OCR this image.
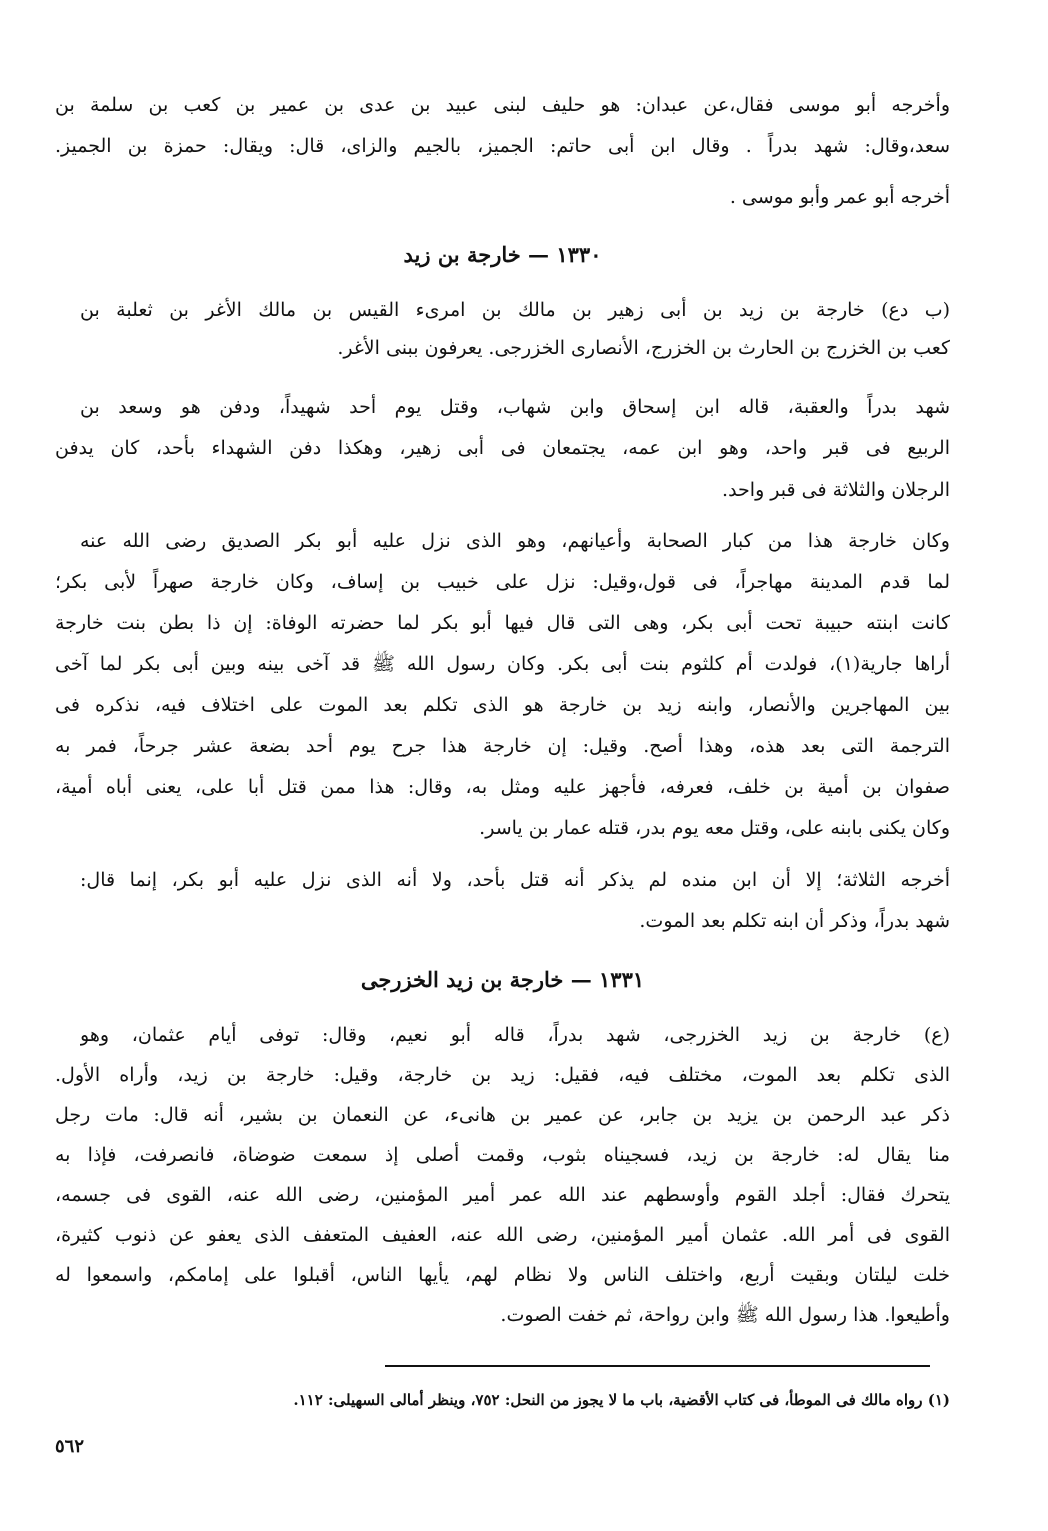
وأخرجه أبو موسى فقال،عن عبدان: هو حليف لبنى عبيد بن عدى بن عمير بن كعب بن سلمة بن
سعد،وقال: شهد بدراً . وقال ابن أبى حاتم: الجميز، بالجيم والزاى، قال: ويقال: حمزة بن الجميز.
أخرجه أبو عمر وأبو موسى .
١٣٣٠ — خارجة بن زيد
(ب دع) خارجة بن زيد بن أبى زهير بن مالك بن امرىء القيس بن مالك الأغر بن ثعلبة بن
كعب بن الخزرج بن الحارث بن الخزرج، الأنصارى الخزرجى. يعرفون ببنى الأغر.
شهد بدراً والعقبة، قاله ابن إسحاق وابن شهاب، وقتل يوم أحد شهيداً، ودفن هو وسعد بن
الربيع فى قبر واحد، وهو ابن عمه، يجتمعان فى أبى زهير، وهكذا دفن الشهداء بأحد، كان يدفن
الرجلان والثلاثة فى قبر واحد.
وكان خارجة هذا من كبار الصحابة وأعيانهم، وهو الذى نزل عليه أبو بكر الصديق رضى الله عنه
لما قدم المدينة مهاجراً، فى قول،وقيل: نزل على خبيب بن إساف، وكان خارجة صهراً لأبى بكر؛
كانت ابنته حبيبة تحت أبى بكر، وهى التى قال فيها أبو بكر لما حضرته الوفاة: إن ذا بطن بنت خارجة
أراها جارية(١)، فولدت أم كلثوم بنت أبى بكر. وكان رسول الله ﷺ قد آخى بينه وبين أبى بكر لما آخى
بين المهاجرين والأنصار، وابنه زيد بن خارجة هو الذى تكلم بعد الموت على اختلاف فيه، نذكره فى
الترجمة التى بعد هذه، وهذا أصح. وقيل: إن خارجة هذا جرح يوم أحد بضعة عشر جرحاً، فمر به
صفوان بن أمية بن خلف، فعرفه، فأجهز عليه ومثل به، وقال: هذا ممن قتل أبا على، يعنى أباه أمية،
وكان يكنى بابنه على، وقتل معه يوم بدر، قتله عمار بن ياسر.
أخرجه الثلاثة؛ إلا أن ابن منده لم يذكر أنه قتل بأحد، ولا أنه الذى نزل عليه أبو بكر، إنما قال:
شهد بدراً، وذكر أن ابنه تكلم بعد الموت.
١٣٣١ — خارجة بن زيد الخزرجى
(ع) خارجة بن زيد الخزرجى، شهد بدراً، قاله أبو نعيم، وقال: توفى أيام عثمان، وهو
الذى تكلم بعد الموت، مختلف فيه، فقيل: زيد بن خارجة، وقيل: خارجة بن زيد، وأراه الأول.
ذكر عبد الرحمن بن يزيد بن جابر، عن عمير بن هانىء، عن النعمان بن بشير، أنه قال: مات رجل
منا يقال له: خارجة بن زيد، فسجيناه بثوب، وقمت أصلى إذ سمعت ضوضاة، فانصرفت، فإذا به
يتحرك فقال: أجلد القوم وأوسطهم عند الله عمر أمير المؤمنين، رضى الله عنه، القوى فى جسمه،
القوى فى أمر الله. عثمان أمير المؤمنين، رضى الله عنه، العفيف المتعفف الذى يعفو عن ذنوب كثيرة،
خلت ليلتان وبقيت أربع، واختلف الناس ولا نظام لهم، يأيها الناس، أقبلوا على إمامكم، واسمعوا له
وأطيعوا. هذا رسول الله ﷺ وابن رواحة، ثم خفت الصوت.
(١) رواه مالك فى الموطأ، فى كتاب الأقضية، باب ما لا يجوز من النحل: ٧٥٢، وينظر أمالى السهيلى: ١١٢.
٥٦٢
